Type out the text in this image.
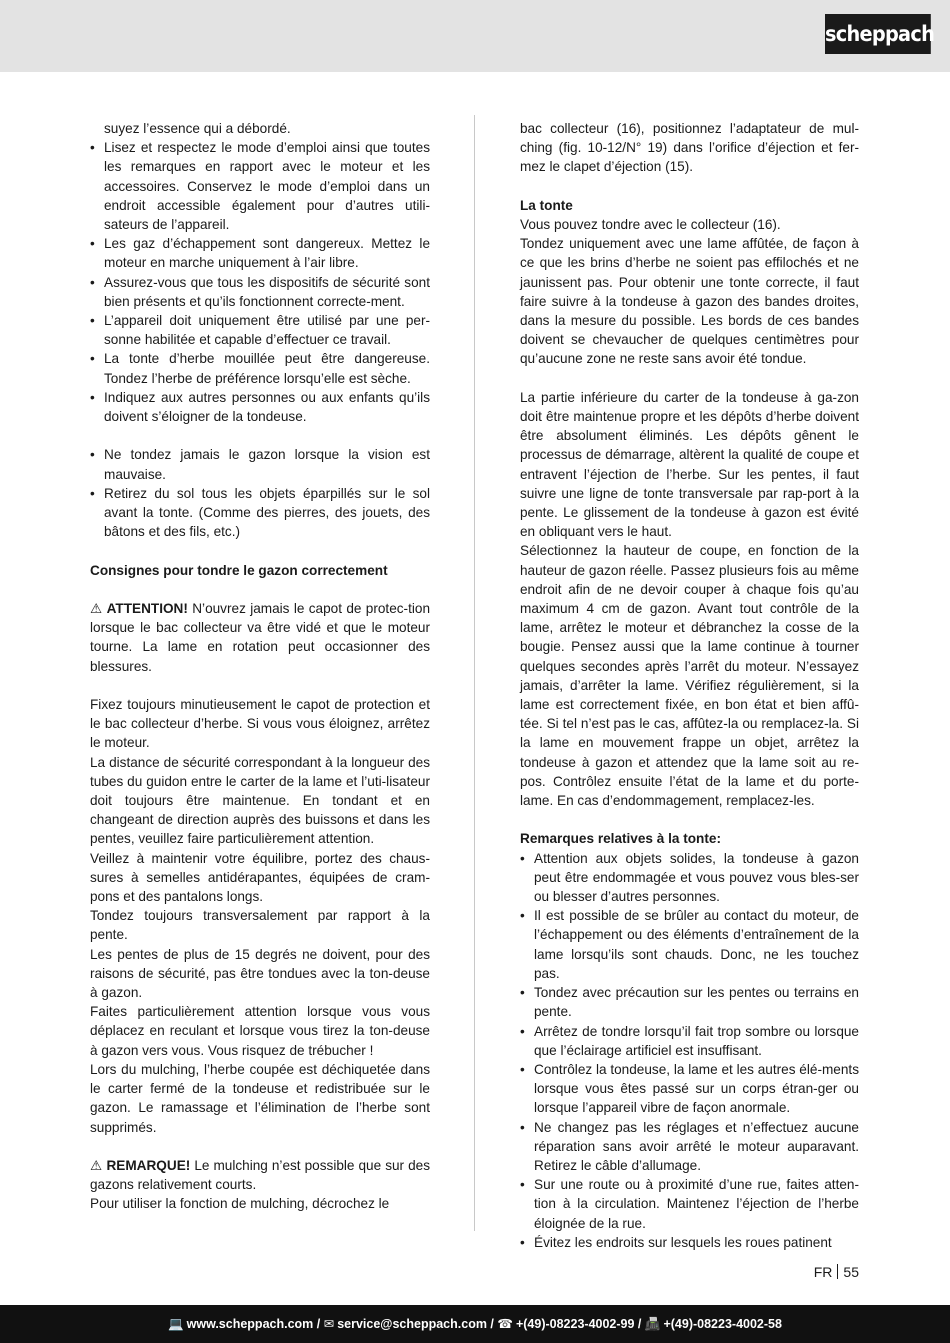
scheppach

suyez l’essence qui a débordé.

• Lisez et respectez le mode d’emploi ainsi que toutes les remarques en rapport avec le moteur et les accessoires. Conservez le mode d’emploi dans un endroit accessible également pour d’autres utili-sateurs de l’appareil.
• Les gaz d’échappement sont dangereux. Mettez le moteur en marche uniquement à l’air libre.
• Assurez-vous que tous les dispositifs de sécurité sont bien présents et qu’ils fonctionnent correcte-ment.
• L’appareil doit uniquement être utilisé par une per-sonne habilitée et capable d’effectuer ce travail.
• La tonte d’herbe mouillée peut être dangereuse. Tondez l’herbe de préférence lorsqu’elle est sèche.
• Indiquez aux autres personnes ou aux enfants qu’ils doivent s’éloigner de la tondeuse.
• Ne tondez jamais le gazon lorsque la vision est mauvaise.
• Retirez du sol tous les objets éparpillés sur le sol avant la tonte. (Comme des pierres, des jouets, des bâtons et des fils, etc.)

Consignes pour tondre le gazon correctement

⚠ ATTENTION! N’ouvrez jamais le capot de protec-tion lorsque le bac collecteur va être vidé et que le moteur tourne. La lame en rotation peut occasionner des blessures.

Fixez toujours minutieusement le capot de protection et le bac collecteur d’herbe. Si vous vous éloignez, arrêtez le moteur.

La distance de sécurité correspondant à la longueur des tubes du guidon entre le carter de la lame et l’uti-lisateur doit toujours être maintenue. En tondant et en changeant de direction auprès des buissons et dans les pentes, veuillez faire particulièrement attention.

Veillez à maintenir votre équilibre, portez des chaus-sures à semelles antidérapantes, équipées de cram-pons et des pantalons longs.

Tondez toujours transversalement par rapport à la pente.

Les pentes de plus de 15 degrés ne doivent, pour des raisons de sécurité, pas être tondues avec la ton-deuse à gazon.

Faites particulièrement attention lorsque vous vous déplacez en reculant et lorsque vous tirez la ton-deuse à gazon vers vous. Vous risquez de trébucher !

Lors du mulching, l’herbe coupée est déchiquetée dans le carter fermé de la tondeuse et redistribuée sur le gazon. Le ramassage et l’élimination de l’herbe sont supprimés.

⚠ REMARQUE! Le mulching n’est possible que sur des gazons relativement courts.

Pour utiliser la fonction de mulching, décrochez le

bac collecteur (16), positionnez l’adaptateur de mul-ching (fig. 10-12/N° 19) dans l’orifice d’éjection et fer-mez le clapet d’éjection (15).

La tonte

Vous pouvez tondre avec le collecteur (16).

Tondez uniquement avec une lame affûtée, de façon à ce que les brins d’herbe ne soient pas effilochés et ne jaunissent pas. Pour obtenir une tonte correcte, il faut faire suivre à la tondeuse à gazon des bandes droites, dans la mesure du possible. Les bords de ces bandes doivent se chevaucher de quelques centimètres pour qu’aucune zone ne reste sans avoir été tondue.

La partie inférieure du carter de la tondeuse à ga-zon doit être maintenue propre et les dépôts d’herbe doivent être absolument éliminés. Les dépôts gênent le processus de démarrage, altèrent la qualité de coupe et entravent l’éjection de l’herbe. Sur les pentes, il faut suivre une ligne de tonte transversale par rap-port à la pente. Le glissement de la tondeuse à gazon est évité en obliquant vers le haut.

Sélectionnez la hauteur de coupe, en fonction de la hauteur de gazon réelle. Passez plusieurs fois au même endroit afin de ne devoir couper à chaque fois qu’au maximum 4 cm de gazon. Avant tout contrôle de la lame, arrêtez le moteur et débranchez la cosse de la bougie. Pensez aussi que la lame continue à tourner quelques secondes après l’arrêt du moteur. N’essayez jamais, d’arrêter la lame. Vérifiez régulièrement, si la lame est correctement fixée, en bon état et bien affû-tée. Si tel n’est pas le cas, affûtez-la ou remplacez-la. Si la lame en mouvement frappe un objet, arrêtez la tondeuse à gazon et attendez que la lame soit au re-pos. Contrôlez ensuite l’état de la lame et du porte-lame. En cas d’endommagement, remplacez-les.

Remarques relatives à la tonte:

• Attention aux objets solides, la tondeuse à gazon peut être endommagée et vous pouvez vous bles-ser ou blesser d’autres personnes.
• Il est possible de se brûler au contact du moteur, de l’échappement ou des éléments d’entraînement de la lame lorsqu’ils sont chauds. Donc, ne les touchez pas.
• Tondez avec précaution sur les pentes ou terrains en pente.
• Arrêtez de tondre lorsqu’il fait trop sombre ou lorsque que l’éclairage artificiel est insuffisant.
• Contrôlez la tondeuse, la lame et les autres élé-ments lorsque vous êtes passé sur un corps étran-ger ou lorsque l’appareil vibre de façon anormale.
• Ne changez pas les réglages et n’effectuez aucune réparation sans avoir arrêté le moteur auparavant. Retirez le câble d’allumage.
• Sur une route ou à proximité d’une rue, faites atten-tion à la circulation. Maintenez l’éjection de l’herbe éloignée de la rue.
• Évitez les endroits sur lesquels les roues patinent
FR 55
💻 www.scheppach.com / ✉ service@scheppach.com / ☎ +(49)-08223-4002-99 / 📠 +(49)-08223-4002-58
